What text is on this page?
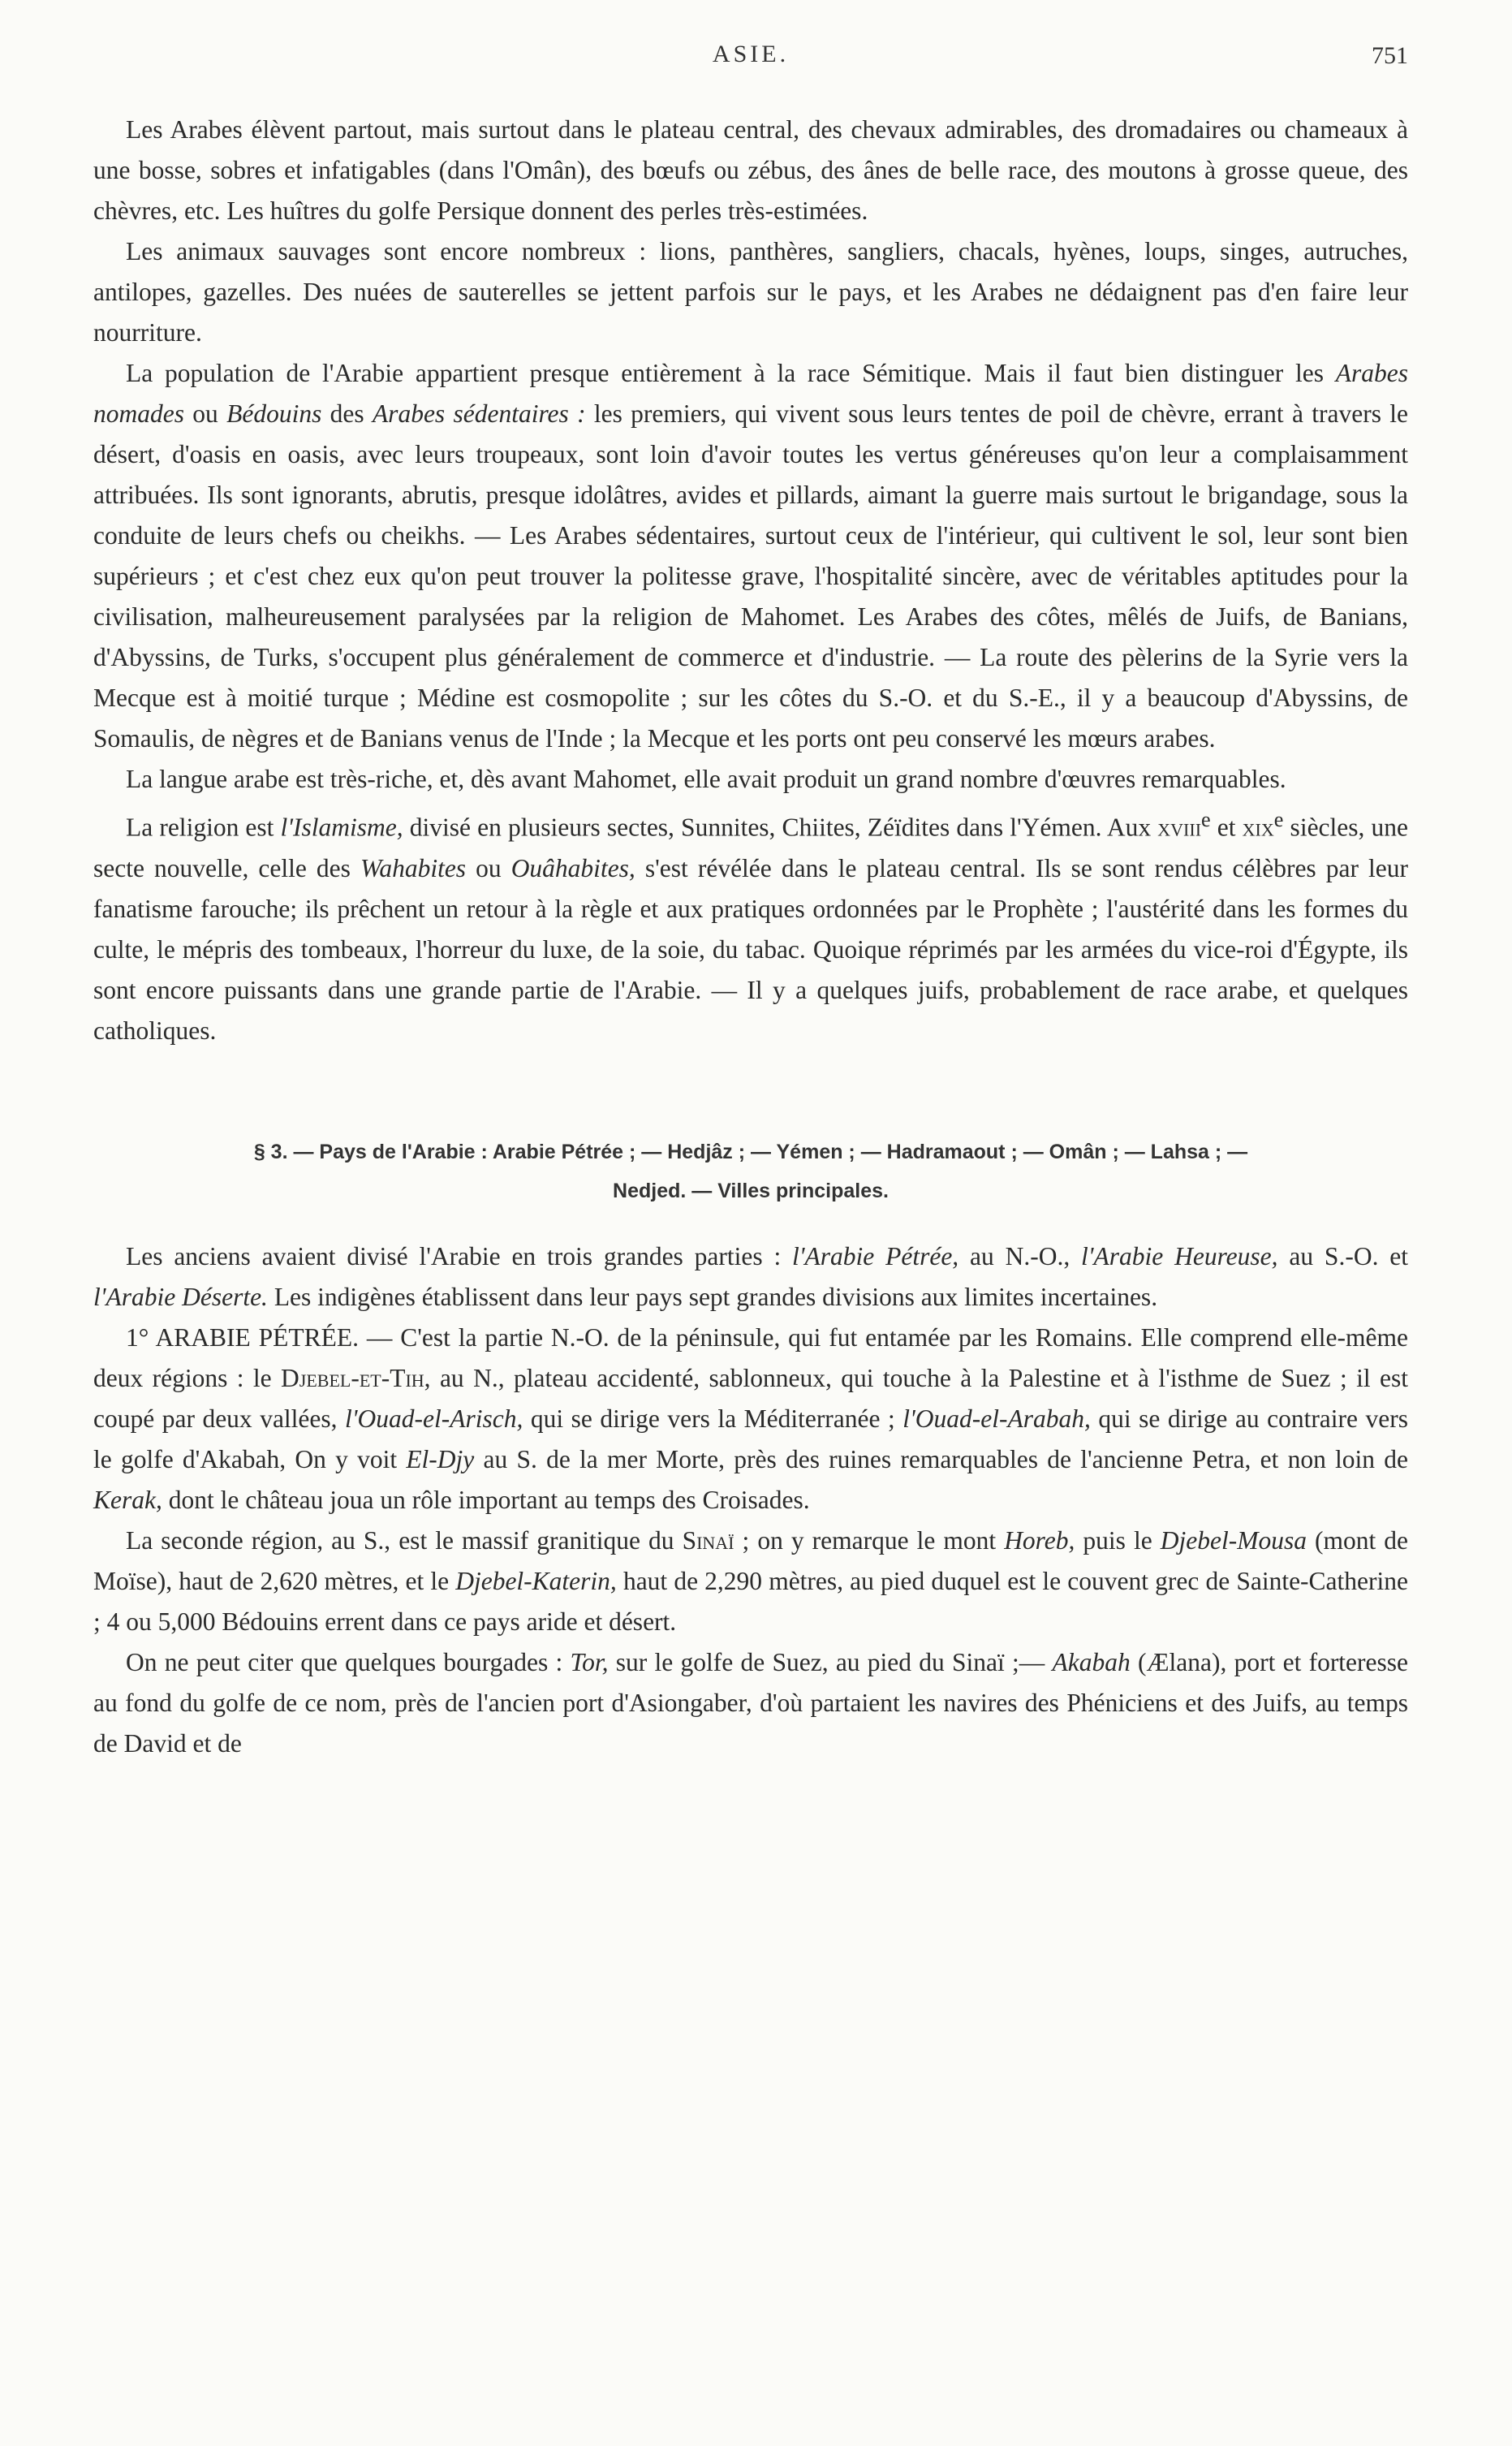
ASIE.	751

Les Arabes élèvent partout, mais surtout dans le plateau central, des chevaux admirables, des dromadaires ou chameaux à une bosse, sobres et infatigables (dans l'Omân), des bœufs ou zébus, des ânes de belle race, des moutons à grosse queue, des chèvres, etc. Les huîtres du golfe Persique donnent des perles très-estimées.

Les animaux sauvages sont encore nombreux : lions, panthères, sangliers, chacals, hyènes, loups, singes, autruches, antilopes, gazelles. Des nuées de sauterelles se jettent parfois sur le pays, et les Arabes ne dédaignent pas d'en faire leur nourriture.

La population de l'Arabie appartient presque entièrement à la race Sémitique. Mais il faut bien distinguer les Arabes nomades ou Bédouins des Arabes sédentaires : les premiers, qui vivent sous leurs tentes de poil de chèvre, errant à travers le désert, d'oasis en oasis, avec leurs troupeaux, sont loin d'avoir toutes les vertus généreuses qu'on leur a complaisamment attribuées. Ils sont ignorants, abrutis, presque idolâtres, avides et pillards, aimant la guerre mais surtout le brigandage, sous la conduite de leurs chefs ou cheikhs. — Les Arabes sédentaires, surtout ceux de l'intérieur, qui cultivent le sol, leur sont bien supérieurs ; et c'est chez eux qu'on peut trouver la politesse grave, l'hospitalité sincère, avec de véritables aptitudes pour la civilisation, malheureusement paralysées par la religion de Mahomet. Les Arabes des côtes, mêlés de Juifs, de Banians, d'Abyssins, de Turks, s'occupent plus généralement de commerce et d'industrie. — La route des pèlerins de la Syrie vers la Mecque est à moitié turque ; Médine est cosmopolite ; sur les côtes du S.-O. et du S.-E., il y a beaucoup d'Abyssins, de Somaulis, de nègres et de Banians venus de l'Inde ; la Mecque et les ports ont peu conservé les mœurs arabes.

La langue arabe est très-riche, et, dès avant Mahomet, elle avait produit un grand nombre d'œuvres remarquables.

La religion est l'Islamisme, divisé en plusieurs sectes, Sunnites, Chiites, Zéïdites dans l'Yémen. Aux xviii$^e$ et xix$^e$ siècles, une secte nouvelle, celle des Wahabites ou Ouâhabites, s'est révélée dans le plateau central. Ils se sont rendus célèbres par leur fanatisme farouche; ils prêchent un retour à la règle et aux pratiques ordonnées par le Prophète ; l'austérité dans les formes du culte, le mépris des tombeaux, l'horreur du luxe, de la soie, du tabac. Quoique réprimés par les armées du vice-roi d'Égypte, ils sont encore puissants dans une grande partie de l'Arabie. — Il y a quelques juifs, probablement de race arabe, et quelques catholiques.

§ 3. — Pays de l'Arabie : Arabie Pétrée ; — Hedjâz ; — Yémen ; — Hadramaout ; — Omân ; — Lahsa ; —
Nedjed. — Villes principales.

Les anciens avaient divisé l'Arabie en trois grandes parties : l'Arabie Pétrée, au N.-O., l'Arabie Heureuse, au S.-O. et l'Arabie Déserte. Les indigènes établissent dans leur pays sept grandes divisions aux limites incertaines.

1° ARABIE PÉTRÉE. — C'est la partie N.-O. de la péninsule, qui fut entamée par les Romains. Elle comprend elle-même deux régions : le Djebel-et-Tih, au N., plateau accidenté, sablonneux, qui touche à la Palestine et à l'isthme de Suez ; il est coupé par deux vallées, l'Ouad-el-Arisch, qui se dirige vers la Méditerranée ; l'Ouad-el-Arabah, qui se dirige au contraire vers le golfe d'Akabah, On y voit El-Djy au S. de la mer Morte, près des ruines remarquables de l'ancienne Petra, et non loin de Kerak, dont le château joua un rôle important au temps des Croisades.

La seconde région, au S., est le massif granitique du Sinaï ; on y remarque le mont Horeb, puis le Djebel-Mousa (mont de Moïse), haut de 2,620 mètres, et le Djebel-Katerin, haut de 2,290 mètres, au pied duquel est le couvent grec de Sainte-Catherine ; 4 ou 5,000 Bédouins errent dans ce pays aride et désert.

On ne peut citer que quelques bourgades : Tor, sur le golfe de Suez, au pied du Sinaï ;— Akabah (Ælana), port et forteresse au fond du golfe de ce nom, près de l'ancien port d'Asiongaber, d'où partaient les navires des Phéniciens et des Juifs, au temps de David et de
